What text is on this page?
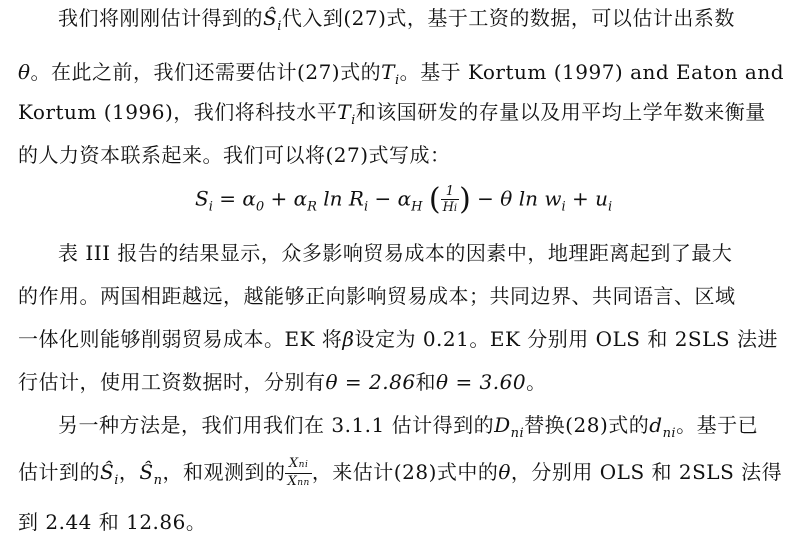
我们将刚刚估计得到的$Ŝ_i$代入到(27)式，基于工资的数据，可以估计出系数
θ。在此之前，我们还需要估计(27)式的$T_i$。基于 Kortum (1997) and Eaton and
Kortum (1996)，我们将科技水平$T_i$和该国研发的存量以及用平均上学年数来衡量
的人力资本联系起来。我们可以将(27)式写成：
$S_i = \alpha_0 + \alpha_R$ $\ln R_i - \alpha_H$ ( $\frac{1}{Hi}$ ) − θ $\ln w_i + u_i$
表 III 报告的结果显示，众多影响贸易成本的因素中，地理距离起到了最大
的作用。两国相距越远，越能够正向影响贸易成本；共同边界、共同语言、区域
一体化则能够削弱贸易成本。EK 将β设定为 0.21。EK 分别用 OLS 和 2SLS 法进
行估计，使用工资数据时，分别有θ = 2.86和θ = 3.60。
另一种方法是，我们用我们在 3.1.1 估计得到的$D_{ni}$替换(28)式的$d_{ni}$。基于已
估计到的$Ŝ_i$，$Ŝ_n$，和观测到的 $\frac{\text{Xni}}{\text{Xnn}}$ ，来估计(28)式中的θ，分别用 OLS 和 2SLS 法得
到 2.44 和 12.86。
